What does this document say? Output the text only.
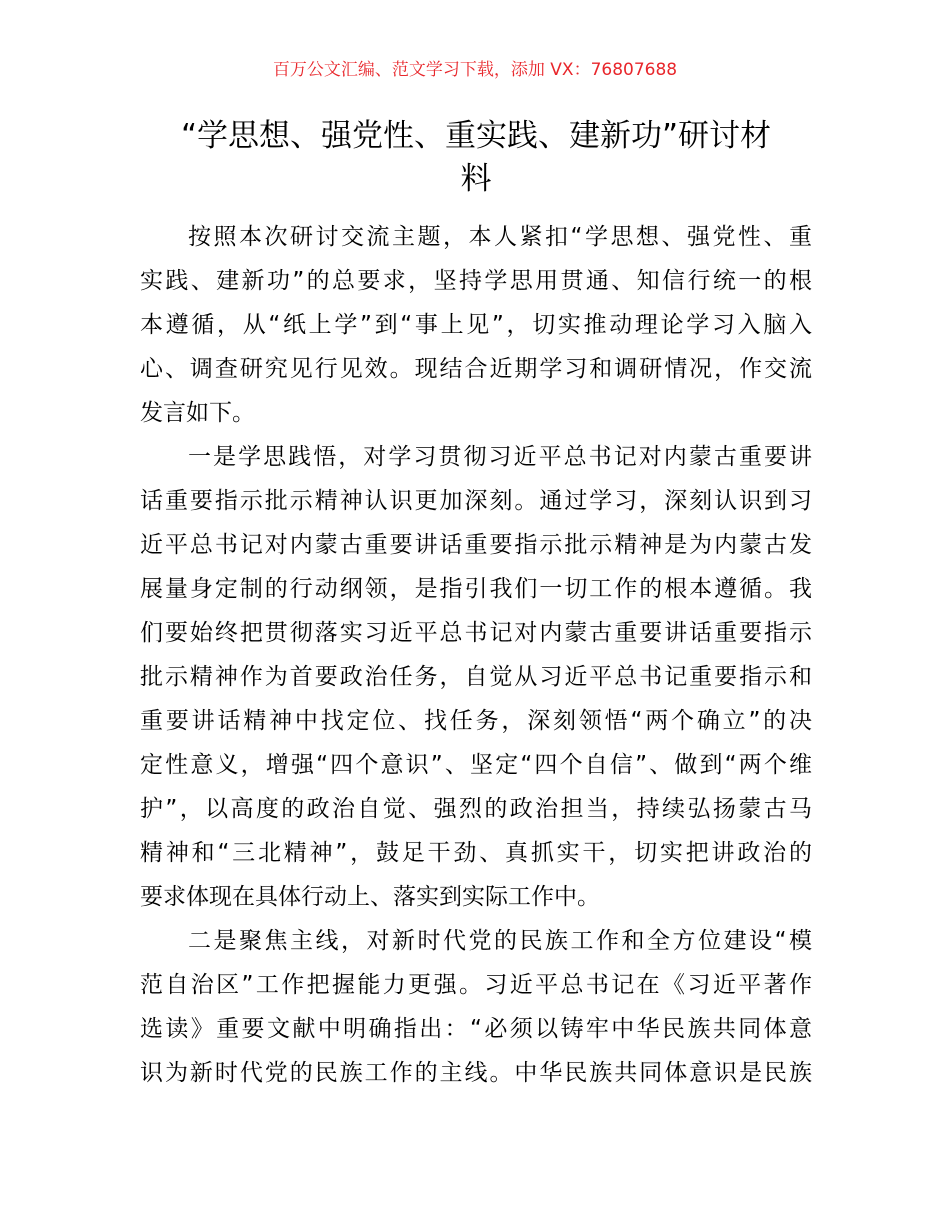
百万公文汇编、范文学习下载，添加 VX：76807688
“学思想、强党性、重实践、建新功”研讨材
料
按照本次研讨交流主题，本人紧扣“学思想、强党性、重
实践、建新功”的总要求，坚持学思用贯通、知信行统一的根
本遵循，从“纸上学”到“事上见”，切实推动理论学习入脑入
心、调查研究见行见效。现结合近期学习和调研情况，作交流
发言如下。
一是学思践悟，对学习贯彻习近平总书记对内蒙古重要讲
话重要指示批示精神认识更加深刻。通过学习，深刻认识到习
近平总书记对内蒙古重要讲话重要指示批示精神是为内蒙古发
展量身定制的行动纲领，是指引我们一切工作的根本遵循。我
们要始终把贯彻落实习近平总书记对内蒙古重要讲话重要指示
批示精神作为首要政治任务，自觉从习近平总书记重要指示和
重要讲话精神中找定位、找任务，深刻领悟“两个确立”的决
定性意义，增强“四个意识”、坚定“四个自信”、做到“两个维
护”，以高度的政治自觉、强烈的政治担当，持续弘扬蒙古马
精神和“三北精神”，鼓足干劲、真抓实干，切实把讲政治的
要求体现在具体行动上、落实到实际工作中。
二是聚焦主线，对新时代党的民族工作和全方位建设“模
范自治区”工作把握能力更强。习近平总书记在《习近平著作
选读》重要文献中明确指出：“必须以铸牢中华民族共同体意
识为新时代党的民族工作的主线。中华民族共同体意识是民族
